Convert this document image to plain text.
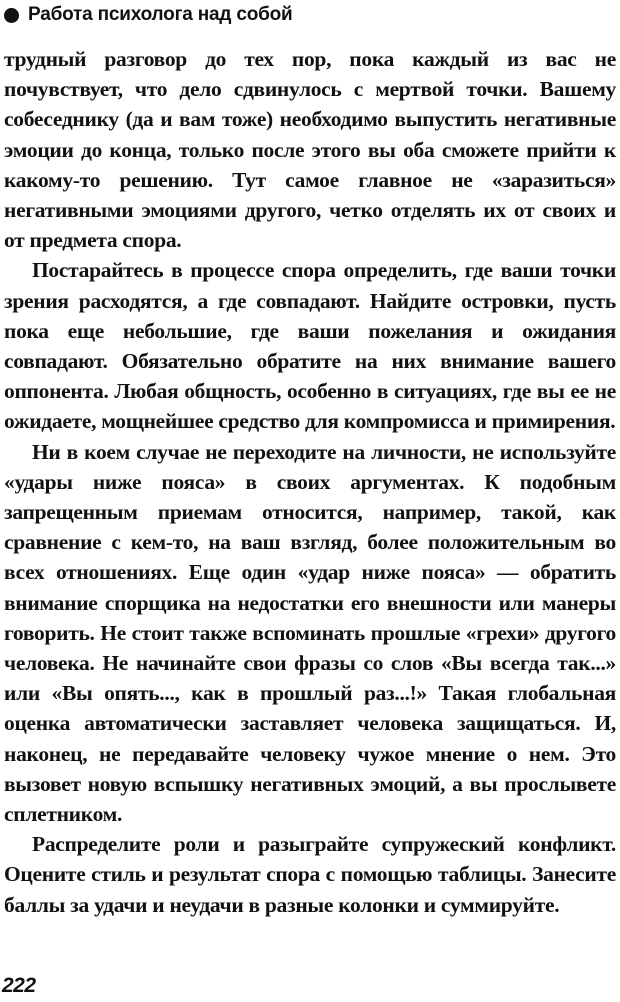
Работа психолога над собой

трудный разговор до тех пор, пока каждый из вас не почувствует, что дело сдвинулось с мертвой точки. Вашему собеседнику (да и вам тоже) необходимо выпустить негативные эмоции до конца, только после этого вы оба сможете прийти к какому-то решению. Тут самое главное не «заразиться» негативными эмоциями другого, четко отделять их от своих и от предмета спора.

Постарайтесь в процессе спора определить, где ваши точки зрения расходятся, а где совпадают. Найдите островки, пусть пока еще небольшие, где ваши пожелания и ожидания совпадают. Обязательно обратите на них внимание вашего оппонента. Любая общность, особенно в ситуациях, где вы ее не ожидаете, мощнейшее средство для компромисса и примирения.

Ни в коем случае не переходите на личности, не используйте «удары ниже пояса» в своих аргументах. К подобным запрещенным приемам относится, например, такой, как сравнение с кем-то, на ваш взгляд, более положительным во всех отношениях. Еще один «удар ниже пояса» — обратить внимание спорщика на недостатки его внешности или манеры говорить. Не стоит также вспоминать прошлые «грехи» другого человека. Не начинайте свои фразы со слов «Вы всегда так...» или «Вы опять..., как в прошлый раз...!» Такая глобальная оценка автоматически заставляет человека защищаться. И, наконец, не передавайте человеку чужое мнение о нем. Это вызовет новую вспышку негативных эмоций, а вы прослывете сплетником.

Распределите роли и разыграйте супружеский конфликт. Оцените стиль и результат спора с помощью таблицы. Занесите баллы за удачи и неудачи в разные колонки и суммируйте.

222
